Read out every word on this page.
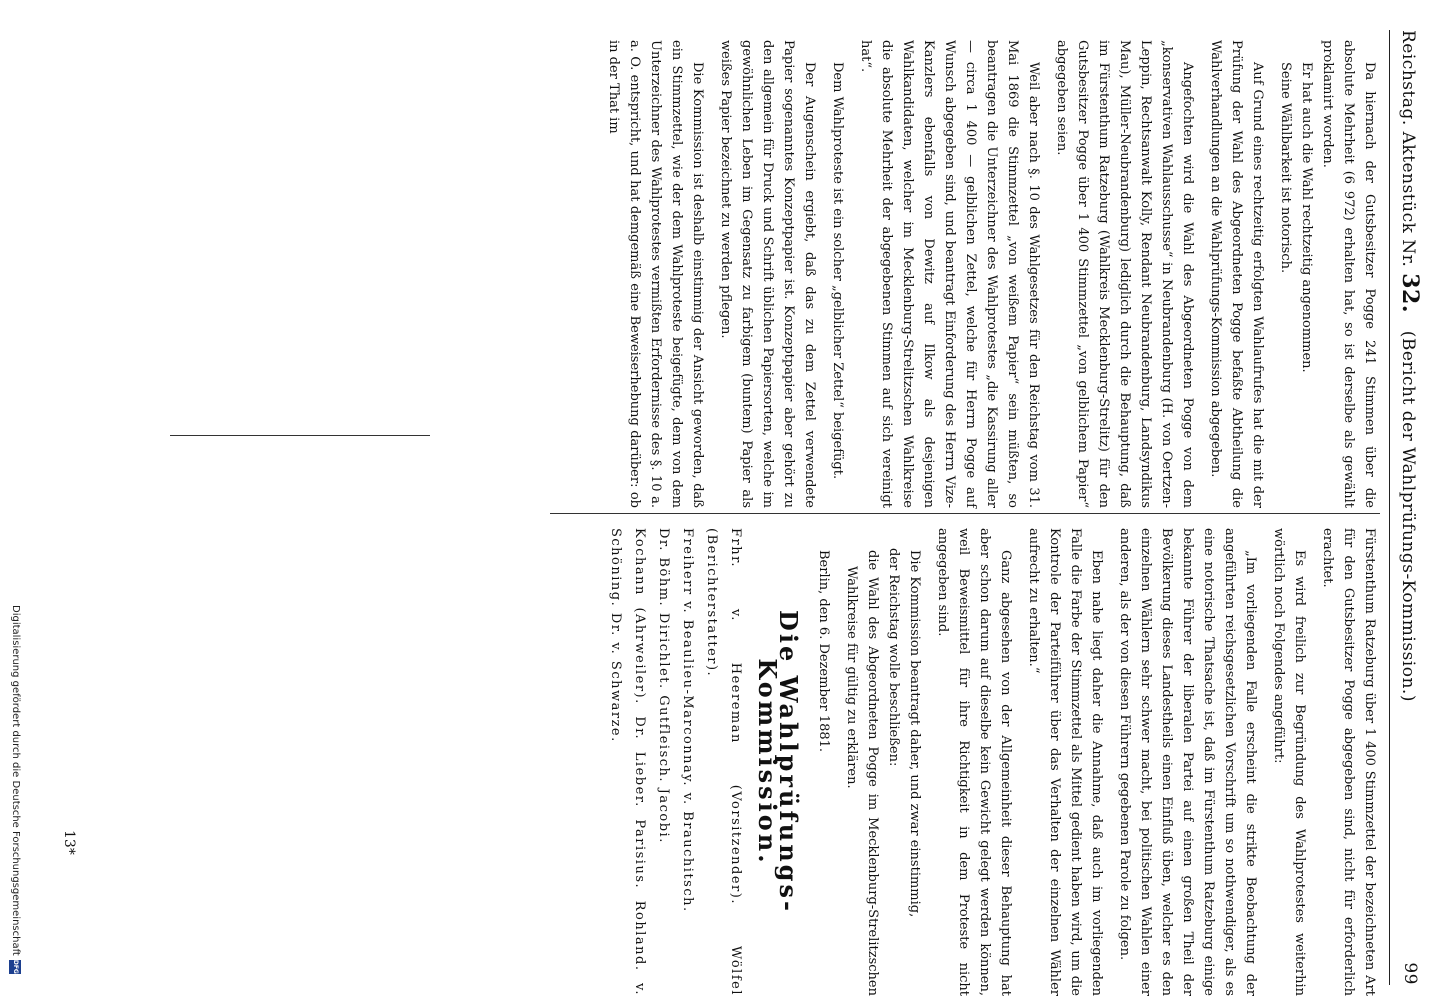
Reichstag. Aktenstück Nr. 32.   (Bericht der Wahlprüfungs-Kommission.)
99

Da hiernach der Gutsbesitzer Pogge 241 Stimmen über die absolute Mehrheit (6 972) erhalten hat, so ist derselbe als gewählt proklamirt worden.

Er hat auch die Wahl rechtzeitig angenommen.

Seine Wählbarkeit ist notorisch.

Auf Grund eines rechtzeitig erfolgten Wahlaufrufes hat die mit der Prüfung der Wahl des Abgeordneten Pogge befaßte Abtheilung die Wahlverhandlungen an die Wahlprüfungs-Kommission abgegeben.

Angefochten wird die Wahl des Abgeordneten Pogge von dem „konservativen Wahlausschusse“ in Neubrandenburg (H. von Oertzen-Leppin, Rechtsanwalt Kolly, Rendant Neubrandenburg, Landsyndikus Mau), Müller-Neubrandenburg) lediglich durch die Behauptung, daß im Fürstenthum Ratzeburg (Wahlkreis Mecklenburg-Strelitz) für den Gutsbesitzer Pogge über 1 400 Stimmzettel „von gelblichem Papier“ abgegeben seien.

Weil aber nach §. 10 des Wahlgesetzes für den Reichstag vom 31. Mai 1869 die Stimmzettel „von weißem Papier“ sein müßten, so beantragen die Unterzeichner des Wahlprotestes „die Kassirung aller — circa 1 400 — gelblichen Zettel, welche für Herrn Pogge auf Wunsch abgegeben sind, und beantragt Einforderung des Herrn Vize-Kanzlers ebenfalls von Dewitz auf Ilkow als desjenigen Wahlkandidaten, welcher im Mecklenburg-Strelitzschen Wahlkreise die absolute Mehrheit der abgegebenen Stimmen auf sich vereinigt hat“.

Dem Wahlproteste ist ein solcher „gelblicher Zettel“ beigefügt.

Der Augenschein ergiebt, daß das zu dem Zettel verwendete Papier sogenanntes Konzeptpapier ist. Konzeptpapier aber gehört zu den allgemein für Druck und Schrift üblichen Papiersorten, welche im gewöhnlichen Leben im Gegensatz zu farbigem (buntem) Papier als weißes Papier bezeichnet zu werden pflegen.

Die Kommission ist deshalb einstimmig der Ansicht geworden, daß ein Stimmzettel, wie der dem Wahlproteste beigefügte, dem von dem Unterzeichner des Wahlprotestes vermißten Erfordernisse des §. 10 a. a. O. entspricht, und hat demgemäß eine Beweiserhebung darüber: ob in der That im

Fürstenthum Ratzeburg über 1 400 Stimmzettel der bezeichneten Art für den Gutsbesitzer Pogge abgegeben sind, nicht für erforderlich erachtet.

Es wird freilich zur Begründung des Wahlprotestes weiterhin wörtlich noch Folgendes angeführt:

„Im vorliegenden Falle erscheint die strikte Beobachtung der angeführten reichsgesetzlichen Vorschrift um so nothwendiger, als es eine notorische Thatsache ist, daß im Fürstenthum Ratzeburg einige bekannte Führer der liberalen Partei auf einen großen Theil der Bevölkerung dieses Landestheils einen Einfluß üben, welcher es den einzelnen Wählern sehr schwer macht, bei politischen Wahlen einer anderen, als der von diesen Führern gegebenen Parole zu folgen.

Eben nahe liegt daher die Annahme, daß auch im vorliegenden Falle die Farbe der Stimmzettel als Mittel gedient haben wird, um die Kontrole der Parteiführer über das Verhalten der einzelnen Wähler aufrecht zu erhalten.“

Ganz abgesehen von der Allgemeinheit dieser Behauptung hat aber schon darum auf dieselbe kein Gewicht gelegt werden können, weil Beweismittel für ihre Richtigkeit in dem Proteste nicht angegeben sind.

Die Kommission beantragt daher, und zwar einstimmig,

der Reichstag wolle beschließen:

die Wahl des Abgeordneten Pogge im Mecklenburg-Strelitzschen Wahlkreise für gültig zu erklären.

Berlin, den 6. Dezember 1881.

Die Wahlprüfungs-Kommission.
Frhr. v. Heereman (Vorsitzender). Wölfel (Berichterstatter).
Freiherr v. Beaulieu-Marconnay. v. Brauchitsch.
Dr. Böhm. Dirichlet. Gutfleisch. Jacobi.
Kochann (Ahrweiler). Dr. Lieber. Parisius. Rohland. v. Schöning. Dr. v. Schwarze.
13*
Digitalisierung gefördert durch die Deutsche Forschungsgemeinschaft
DFG
